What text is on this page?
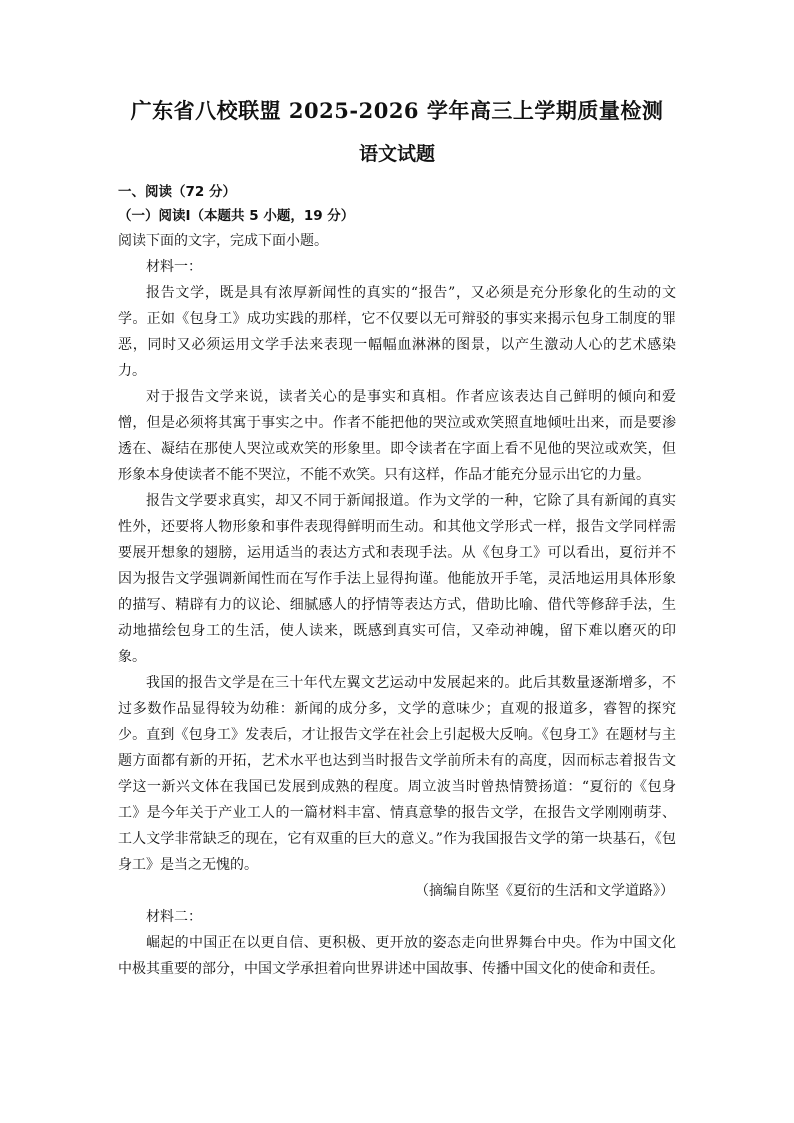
广东省八校联盟 2025-2026 学年高三上学期质量检测
语文试题

一、阅读（72 分）

（一）阅读Ⅰ（本题共 5 小题，19 分）

阅读下面的文字，完成下面小题。

材料一：

报告文学，既是具有浓厚新闻性的真实的“报告”，又必须是充分形象化的生动的文学。正如《包身工》成功实践的那样，它不仅要以无可辩驳的事实来揭示包身工制度的罪恶，同时又必须运用文学手法来表现一幅幅血淋淋的图景，以产生激动人心的艺术感染力。

对于报告文学来说，读者关心的是事实和真相。作者应该表达自己鲜明的倾向和爱憎，但是必须将其寓于事实之中。作者不能把他的哭泣或欢笑照直地倾吐出来，而是要渗透在、凝结在那使人哭泣或欢笑的形象里。即令读者在字面上看不见他的哭泣或欢笑，但形象本身使读者不能不哭泣，不能不欢笑。只有这样，作品才能充分显示出它的力量。

报告文学要求真实，却又不同于新闻报道。作为文学的一种，它除了具有新闻的真实性外，还要将人物形象和事件表现得鲜明而生动。和其他文学形式一样，报告文学同样需要展开想象的翅膀，运用适当的表达方式和表现手法。从《包身工》可以看出，夏衍并不因为报告文学强调新闻性而在写作手法上显得拘谨。他能放开手笔，灵活地运用具体形象的描写、精辟有力的议论、细腻感人的抒情等表达方式，借助比喻、借代等修辞手法，生动地描绘包身工的生活，使人读来，既感到真实可信，又牵动神魄，留下难以磨灭的印象。

我国的报告文学是在三十年代左翼文艺运动中发展起来的。此后其数量逐渐增多，不过多数作品显得较为幼稚：新闻的成分多，文学的意味少；直观的报道多，睿智的探究少。直到《包身工》发表后，才让报告文学在社会上引起极大反响。《包身工》在题材与主题方面都有新的开拓，艺术水平也达到当时报告文学前所未有的高度，因而标志着报告文学这一新兴文体在我国已发展到成熟的程度。周立波当时曾热情赞扬道：“夏衍的《包身工》是今年关于产业工人的一篇材料丰富、情真意挚的报告文学，在报告文学刚刚萌芽、工人文学非常缺乏的现在，它有双重的巨大的意义。”作为我国报告文学的第一块基石，《包身工》是当之无愧的。

（摘编自陈坚《夏衍的生活和文学道路》）

材料二：

崛起的中国正在以更自信、更积极、更开放的姿态走向世界舞台中央。作为中国文化中极其重要的部分，中国文学承担着向世界讲述中国故事、传播中国文化的使命和责任。
